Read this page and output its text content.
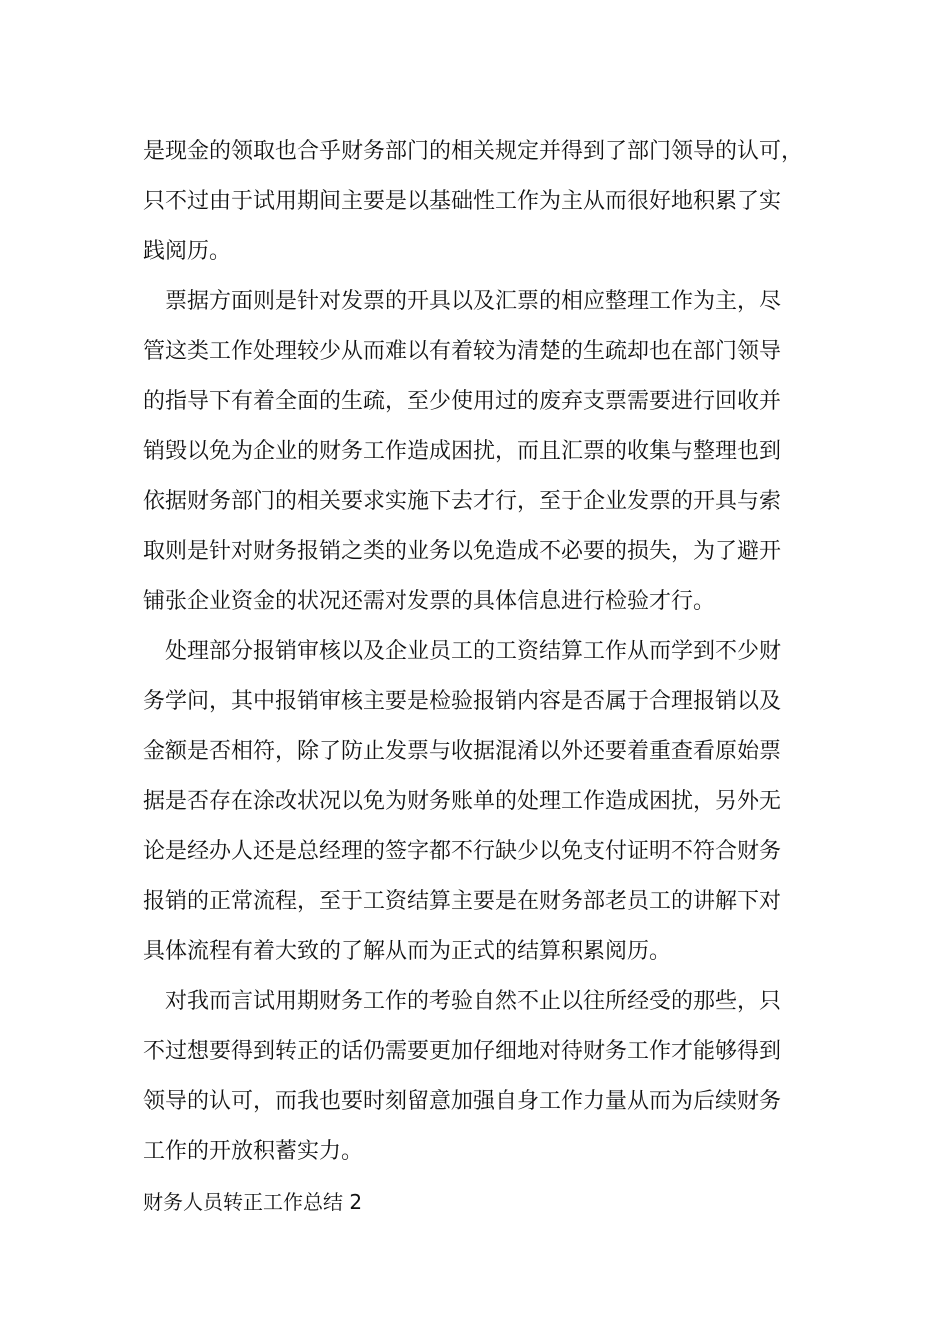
是现金的领取也合乎财务部门的相关规定并得到了部门领导的认可，
只不过由于试用期间主要是以基础性工作为主从而很好地积累了实
践阅历。
票据方面则是针对发票的开具以及汇票的相应整理工作为主，尽
管这类工作处理较少从而难以有着较为清楚的生疏却也在部门领导
的指导下有着全面的生疏，至少使用过的废弃支票需要进行回收并
销毁以免为企业的财务工作造成困扰，而且汇票的收集与整理也到
依据财务部门的相关要求实施下去才行，至于企业发票的开具与索
取则是针对财务报销之类的业务以免造成不必要的损失，为了避开
铺张企业资金的状况还需对发票的具体信息进行检验才行。
处理部分报销审核以及企业员工的工资结算工作从而学到不少财
务学问，其中报销审核主要是检验报销内容是否属于合理报销以及
金额是否相符，除了防止发票与收据混淆以外还要着重查看原始票
据是否存在涂改状况以免为财务账单的处理工作造成困扰，另外无
论是经办人还是总经理的签字都不行缺少以免支付证明不符合财务
报销的正常流程，至于工资结算主要是在财务部老员工的讲解下对
具体流程有着大致的了解从而为正式的结算积累阅历。
对我而言试用期财务工作的考验自然不止以往所经受的那些，只
不过想要得到转正的话仍需要更加仔细地对待财务工作才能够得到
领导的认可，而我也要时刻留意加强自身工作力量从而为后续财务
工作的开放积蓄实力。
财务人员转正工作总结 2
